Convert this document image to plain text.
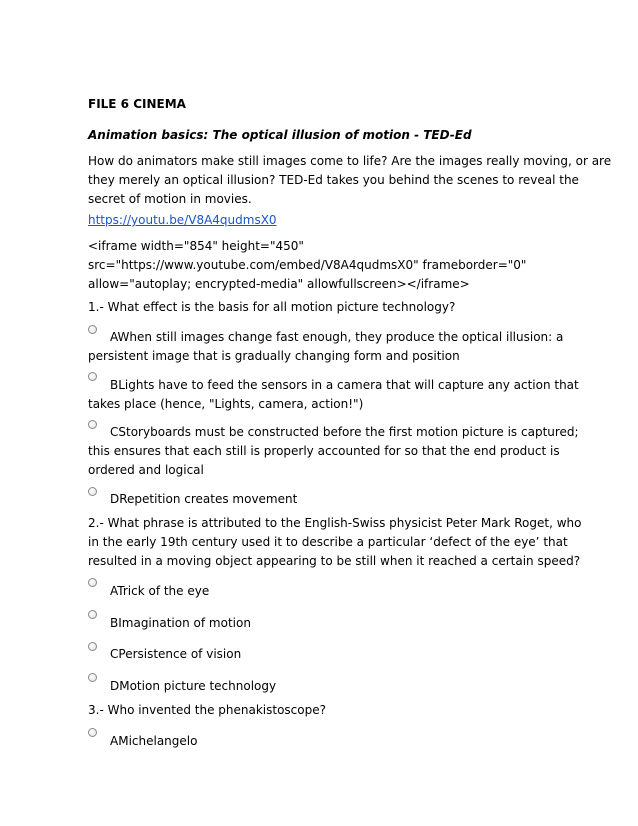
FILE 6 CINEMA
Animation basics: The optical illusion of motion - TED-Ed
How do animators make still images come to life? Are the images really moving, or are
they merely an optical illusion? TED-Ed takes you behind the scenes to reveal the
secret of motion in movies.
https://youtu.be/V8A4qudmsX0
<iframe width="854" height="450"
src="https://www.youtube.com/embed/V8A4qudmsX0" frameborder="0"
allow="autoplay; encrypted-media" allowfullscreen></iframe>
1.- What effect is the basis for all motion picture technology?
AWhen still images change fast enough, they produce the optical illusion: a
persistent image that is gradually changing form and position
BLights have to feed the sensors in a camera that will capture any action that
takes place (hence, "Lights, camera, action!")
CStoryboards must be constructed before the first motion picture is captured;
this ensures that each still is properly accounted for so that the end product is
ordered and logical
DRepetition creates movement
2.- What phrase is attributed to the English-Swiss physicist Peter Mark Roget, who
in the early 19th century used it to describe a particular ‘defect of the eye’ that
resulted in a moving object appearing to be still when it reached a certain speed?
ATrick of the eye
BImagination of motion
CPersistence of vision
DMotion picture technology
3.- Who invented the phenakistoscope?
AMichelangelo
